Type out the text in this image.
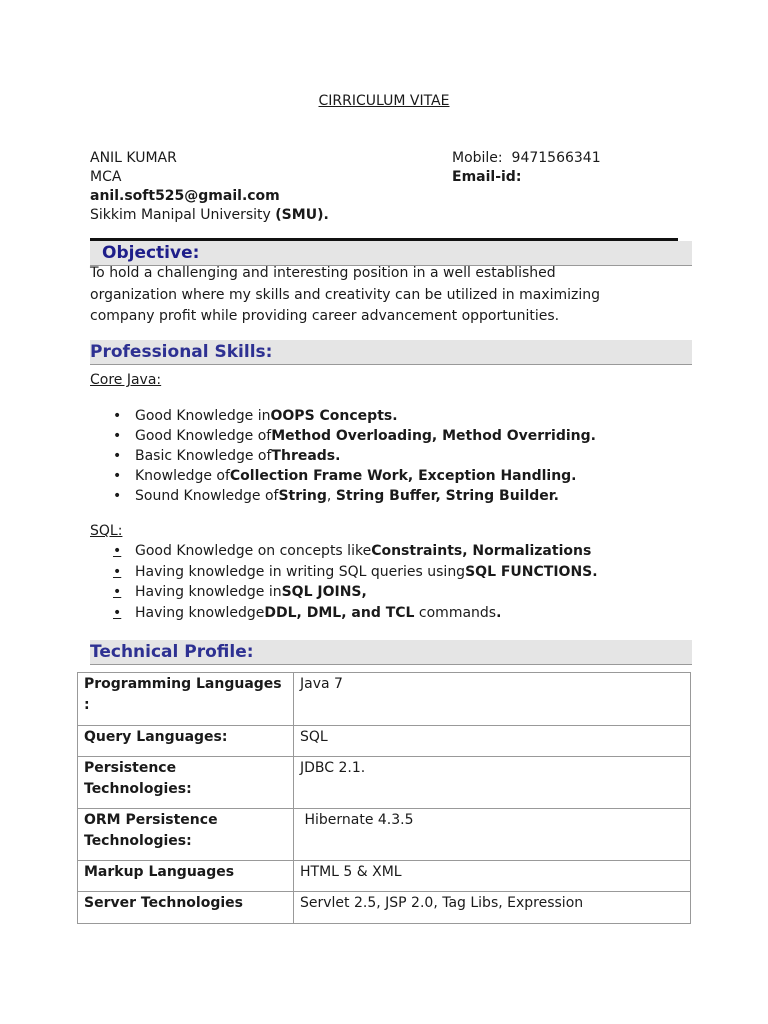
CIRRICULUM VITAE
ANIL KUMAR
MCA
anil.soft525@gmail.com
Sikkim Manipal University (SMU).
Mobile: 9471566341
Email-id:
Objective:
To hold a challenging and interesting position in a well established
organization where my skills and creativity can be utilized in maximizing
company profit while providing career advancement opportunities.
Professional Skills:
Core Java:
• Good Knowledge in OOPS Concepts.
• Good Knowledge of Method Overloading, Method Overriding.
• Basic Knowledge of Threads.
• Knowledge of Collection Frame Work, Exception Handling.
• Sound Knowledge of String , String Buffer, String Builder.
SQL:
• Good Knowledge on concepts like Constraints, Normalizations
• Having knowledge in writing SQL queries using SQL FUNCTIONS.
• Having knowledge in SQL JOINS,
• Having knowledge DDL, DML, and TCL commands .
Technical Profile:
Programming Languages :	Java 7
Query Languages:	SQL
Persistence Technologies:	JDBC 2.1.
ORM Persistence Technologies:	Hibernate 4.3.5
Markup Languages	HTML 5 & XML
Server Technologies	Servlet 2.5, JSP 2.0, Tag Libs, Expression
